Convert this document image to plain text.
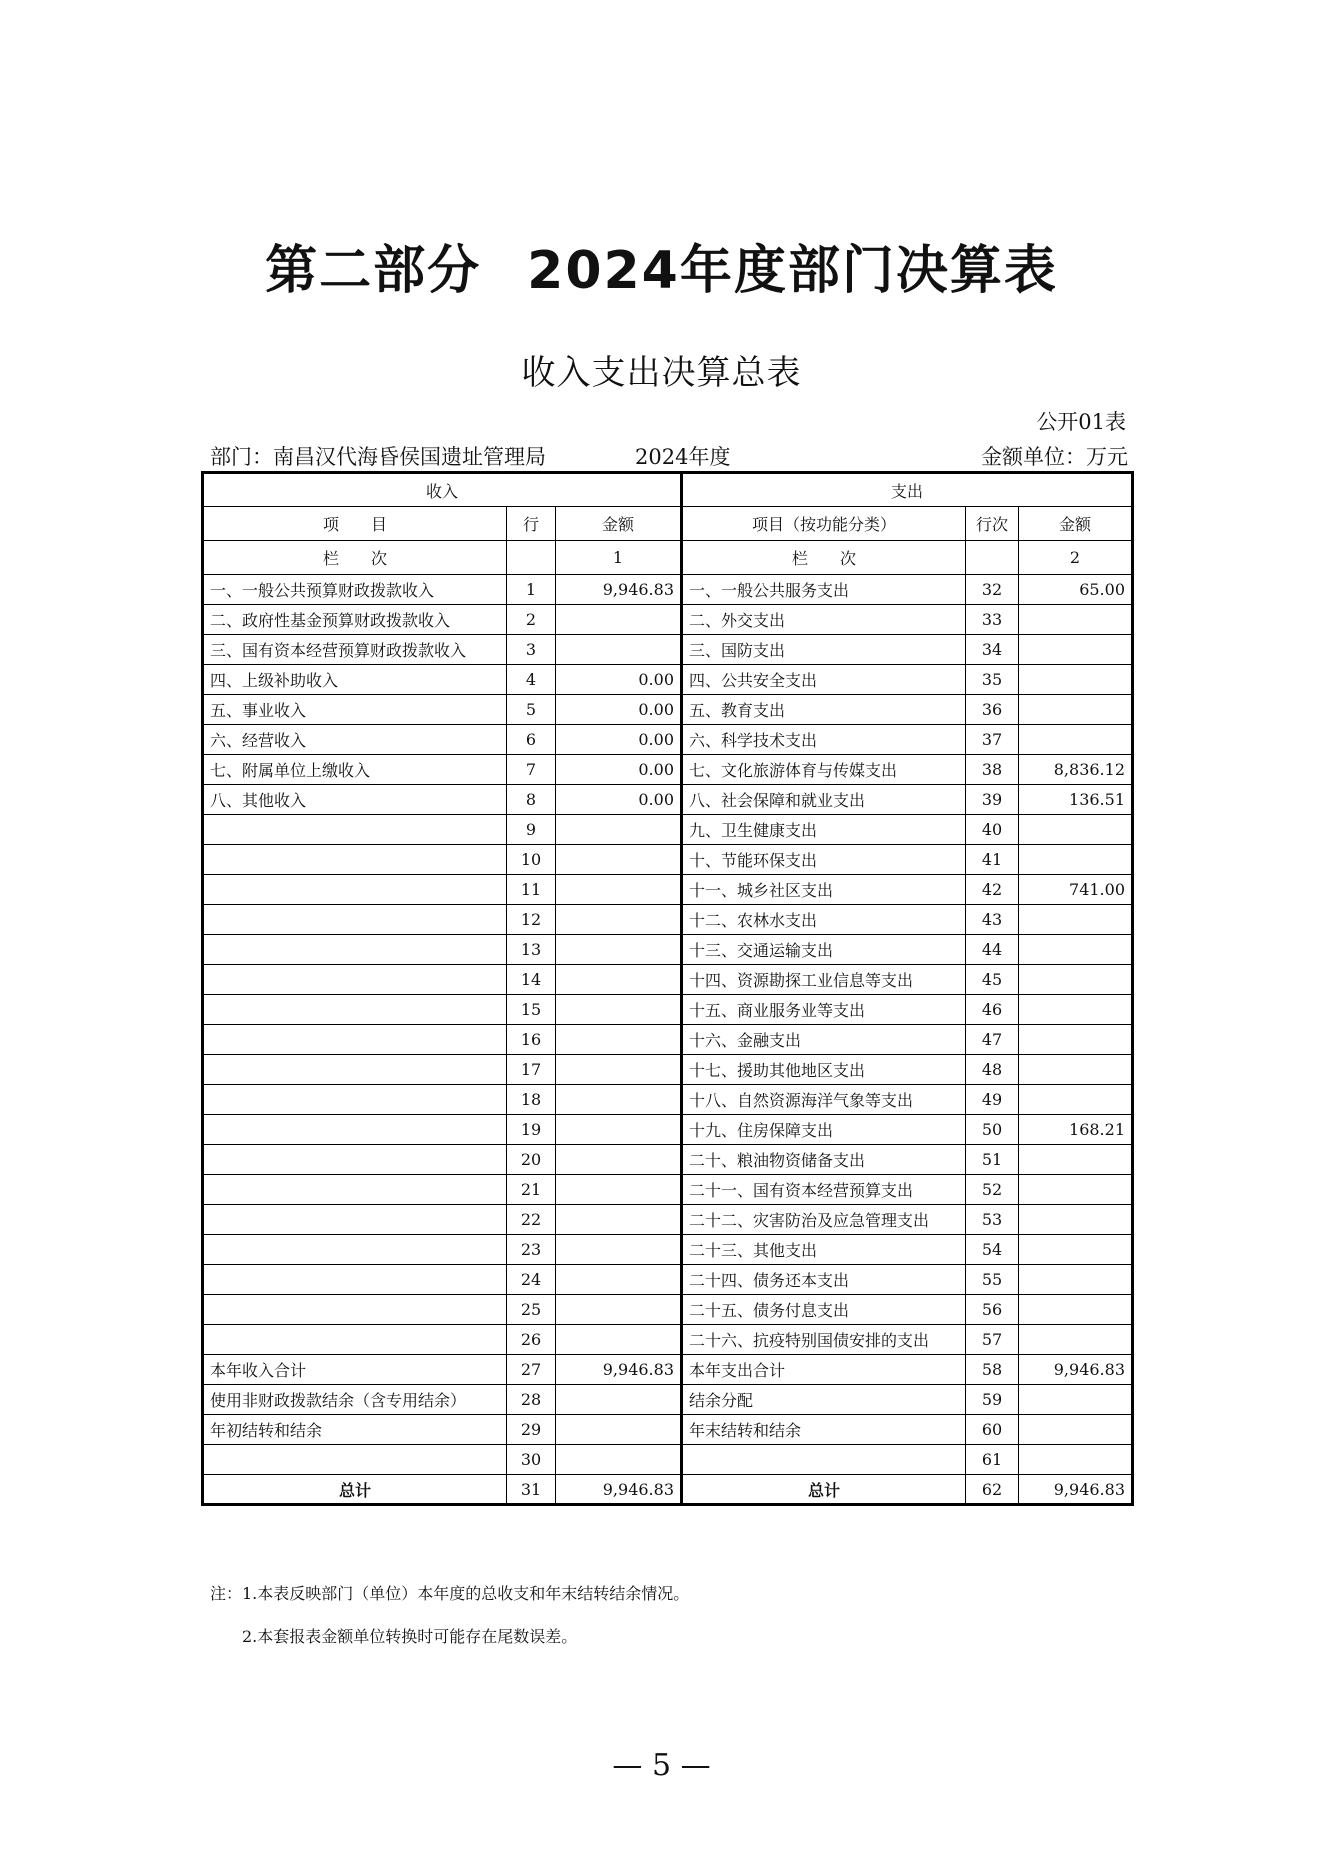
第二部分 2024年度部门决算表
收入支出决算总表
公开01表
部门：南昌汉代海昏侯国遗址管理局	2024年度	金额单位：万元
收入			支出		
项　　目	行	金额	项目（按功能分类）	行次	金额
栏　　次		1	栏　　次		2
一、一般公共预算财政拨款收入	1	9,946.83	一、一般公共服务支出	32	65.00
二、政府性基金预算财政拨款收入	2		二、外交支出	33	
三、国有资本经营预算财政拨款收入	3		三、国防支出	34	
四、上级补助收入	4	0.00	四、公共安全支出	35	
五、事业收入	5	0.00	五、教育支出	36	
六、经营收入	6	0.00	六、科学技术支出	37	
七、附属单位上缴收入	7	0.00	七、文化旅游体育与传媒支出	38	8,836.12
八、其他收入	8	0.00	八、社会保障和就业支出	39	136.51
	9		九、卫生健康支出	40	
	10		十、节能环保支出	41	
	11		十一、城乡社区支出	42	741.00
	12		十二、农林水支出	43	
	13		十三、交通运输支出	44	
	14		十四、资源勘探工业信息等支出	45	
	15		十五、商业服务业等支出	46	
	16		十六、金融支出	47	
	17		十七、援助其他地区支出	48	
	18		十八、自然资源海洋气象等支出	49	
	19		十九、住房保障支出	50	168.21
	20		二十、粮油物资储备支出	51	
	21		二十一、国有资本经营预算支出	52	
	22		二十二、灾害防治及应急管理支出	53	
	23		二十三、其他支出	54	
	24		二十四、债务还本支出	55	
	25		二十五、债务付息支出	56	
	26		二十六、抗疫特别国债安排的支出	57	
本年收入合计	27	9,946.83	本年支出合计	58	9,946.83
使用非财政拨款结余（含专用结余）	28		结余分配	59	
年初结转和结余	29		年末结转和结余	60	
	30			61	
总计	31	9,946.83	总计	62	9,946.83
注：1.本表反映部门（单位）本年度的总收支和年末结转结余情况。
2.本套报表金额单位转换时可能存在尾数误差。
— 5 —
